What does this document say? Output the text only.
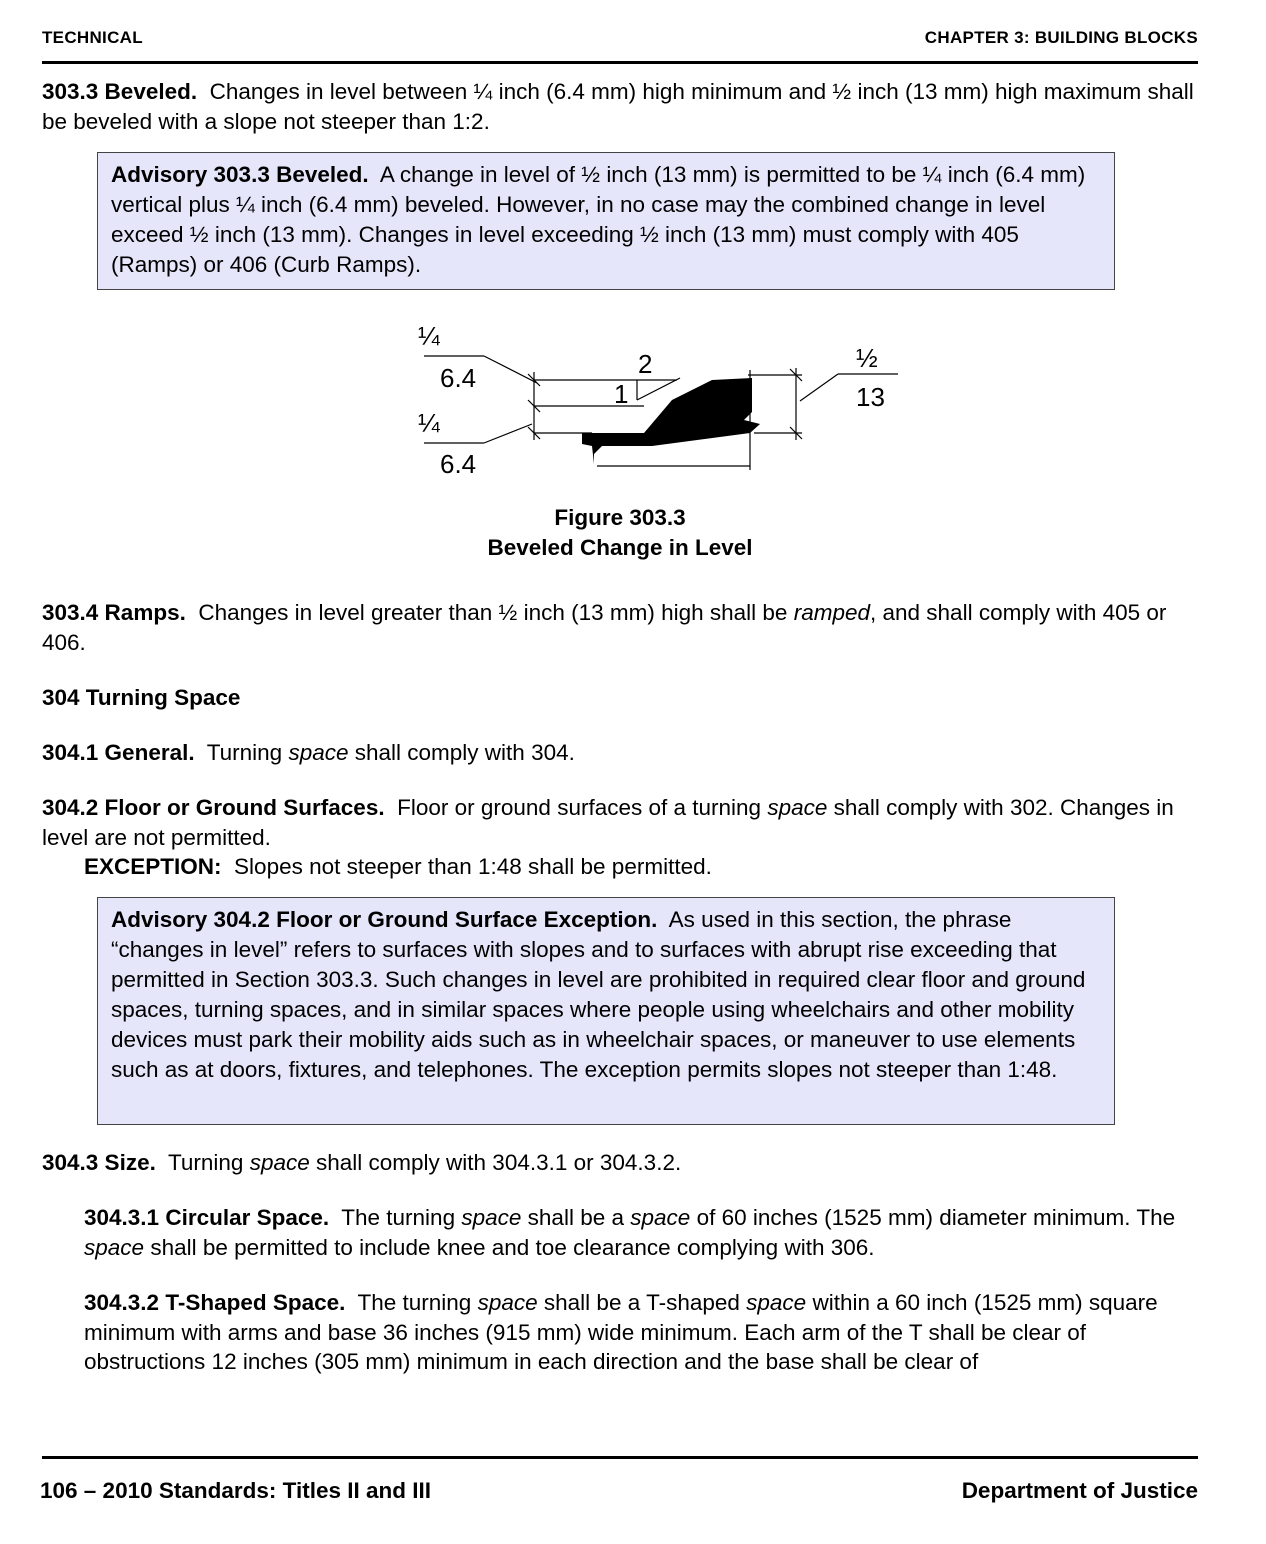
TECHNICAL	CHAPTER 3: BUILDING BLOCKS
303.3 Beveled. Changes in level between ¼ inch (6.4 mm) high minimum and ½ inch (13 mm) high maximum shall be beveled with a slope not steeper than 1:2.
Advisory 303.3 Beveled. A change in level of ½ inch (13 mm) is permitted to be ¼ inch (6.4 mm) vertical plus ¼ inch (6.4 mm) beveled. However, in no case may the combined change in level exceed ½ inch (13 mm). Changes in level exceeding ½ inch (13 mm) must comply with 405 (Ramps) or 406 (Curb Ramps).
¼
6.4
¼
6.4
2
1
½
13
Figure 303.3
Beveled Change in Level
303.4 Ramps. Changes in level greater than ½ inch (13 mm) high shall be ramped, and shall comply with 405 or 406.
304 Turning Space
304.1 General. Turning space shall comply with 304.
304.2 Floor or Ground Surfaces. Floor or ground surfaces of a turning space shall comply with 302. Changes in level are not permitted.
EXCEPTION: Slopes not steeper than 1:48 shall be permitted.
Advisory 304.2 Floor or Ground Surface Exception. As used in this section, the phrase “changes in level” refers to surfaces with slopes and to surfaces with abrupt rise exceeding that permitted in Section 303.3. Such changes in level are prohibited in required clear floor and ground spaces, turning spaces, and in similar spaces where people using wheelchairs and other mobility devices must park their mobility aids such as in wheelchair spaces, or maneuver to use elements such as at doors, fixtures, and telephones. The exception permits slopes not steeper than 1:48.
304.3 Size. Turning space shall comply with 304.3.1 or 304.3.2.
304.3.1 Circular Space. The turning space shall be a space of 60 inches (1525 mm) diameter minimum. The space shall be permitted to include knee and toe clearance complying with 306.
304.3.2 T-Shaped Space. The turning space shall be a T-shaped space within a 60 inch (1525 mm) square minimum with arms and base 36 inches (915 mm) wide minimum. Each arm of the T shall be clear of obstructions 12 inches (305 mm) minimum in each direction and the base shall be clear of
106 – 2010 Standards: Titles II and III	Department of Justice
